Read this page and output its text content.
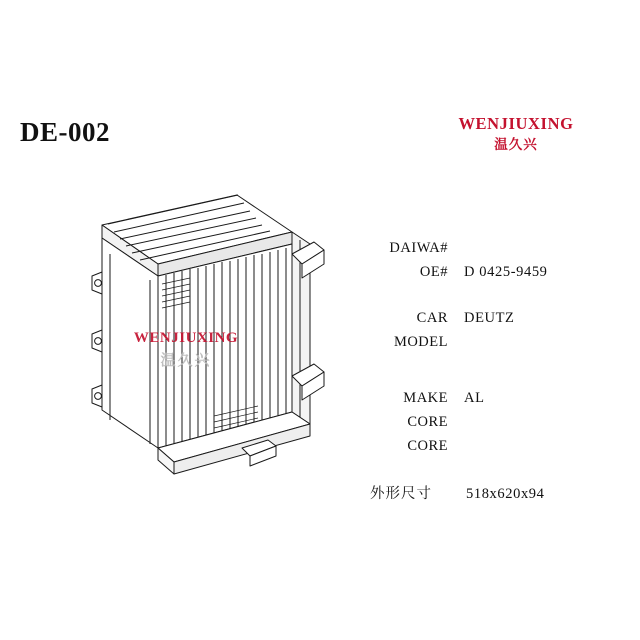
DE-002	WENJIUXING
温久兴
WENJIUXING
温久兴
DAIWA#
OE#	D 0425-9459
CAR	DEUTZ
MODEL
MAKE	AL
CORE
CORE
外形尺寸	518x620x94
